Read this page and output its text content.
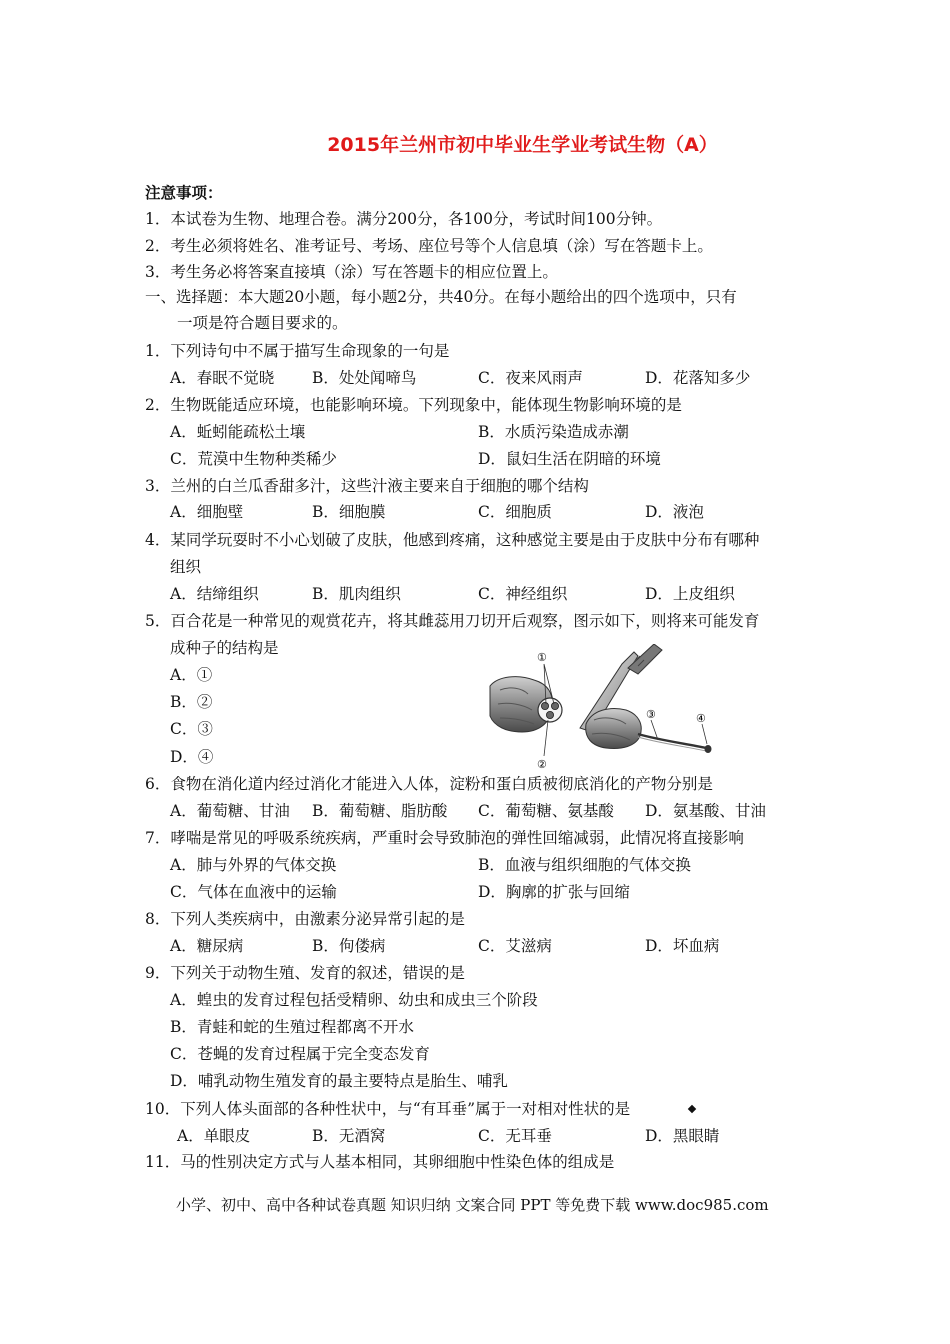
2015年兰州市初中毕业生学业考试生物（A）
注意事项：
1．本试卷为生物、地理合卷。满分200分，各100分，考试时间100分钟。
2．考生必须将姓名、准考证号、考场、座位号等个人信息填（涂）写在答题卡上。
3．考生务必将答案直接填（涂）写在答题卡的相应位置上。
一、选择题：本大题20小题，每小题2分，共40分。在每小题给出的四个选项中，只有
一项是符合题目要求的。
1．下列诗句中不属于描写生命现象的一句是
A．春眠不觉晓 B．处处闻啼鸟	C．夜来风雨声	D．花落知多少
2．生物既能适应环境，也能影响环境。下列现象中，能体现生物影响环境的是
A．蚯蚓能疏松土壤	B．水质污染造成赤潮
C．荒漠中生物种类稀少	D．鼠妇生活在阴暗的环境
3．兰州的白兰瓜香甜多汁，这些汁液主要来自于细胞的哪个结构
A．细胞壁	B．细胞膜	C．细胞质	D．液泡
4．某同学玩耍时不小心划破了皮肤，他感到疼痛，这种感觉主要是由于皮肤中分布有哪种
组织
A．结缔组织	B．肌肉组织	C．神经组织	D．上皮组织
5．百合花是一种常见的观赏花卉，将其雌蕊用刀切开后观察，图示如下，则将来可能发育
成种子的结构是
A．①
B．②
C．③
D．④
①
②
③	④
6．食物在消化道内经过消化才能进入人体，淀粉和蛋白质被彻底消化的产物分别是
A．葡萄糖、甘油 B．葡萄糖、脂肪酸 C．葡萄糖、氨基酸 D．氨基酸、甘油
7．哮喘是常见的呼吸系统疾病，严重时会导致肺泡的弹性回缩减弱，此情况将直接影响
A．肺与外界的气体交换	B．血液与组织细胞的气体交换
C．气体在血液中的运输	D．胸廓的扩张与回缩
8．下列人类疾病中，由激素分泌异常引起的是
A．糖尿病	B．佝偻病	C．艾滋病	D．坏血病
9．下列关于动物生殖、发育的叙述，错误的是
A．蝗虫的发育过程包括受精卵、幼虫和成虫三个阶段
B．青蛙和蛇的生殖过程都离不开水
C．苍蝇的发育过程属于完全变态发育
D．哺乳动物生殖发育的最主要特点是胎生、哺乳
10．下列人体头面部的各种性状中，与“有耳垂”属于一对相对性状的是
A．单眼皮	B．无酒窝	C．无耳垂	D．黑眼睛
11．马的性别决定方式与人基本相同，其卵细胞中性染色体的组成是
小学、初中、高中各种试卷真题 知识归纳 文案合同 PPT 等免费下载 www.doc985.com
